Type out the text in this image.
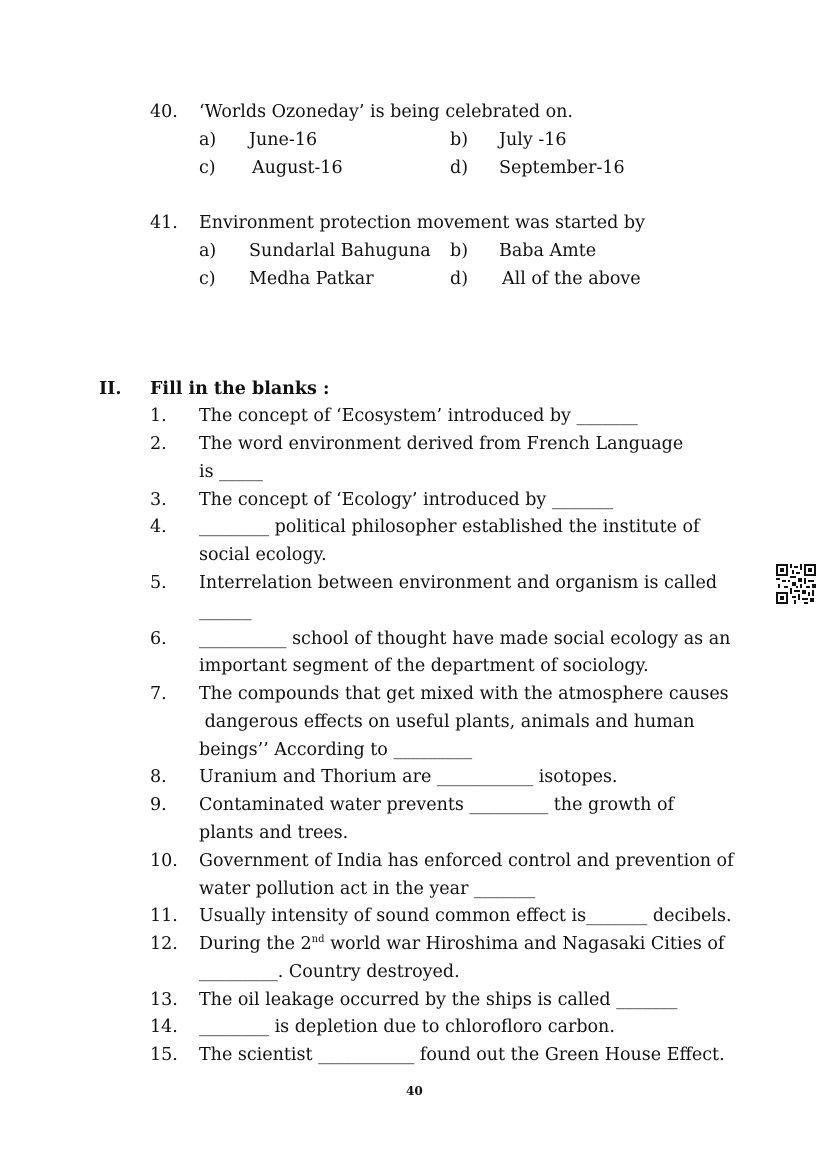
40. ‘Worlds Ozoneday’ is being celebrated on.
a) June-16	b) July -16
c) August-16	d) September-16
41. Environment protection movement was started by
a) Sundarlal Bahuguna b) Baba Amte
c) Medha Patkar	d) All of the above
II. Fill in the blanks :
1. The concept of ‘Ecosystem’ introduced by _______
2. The word environment derived from French Language
is _____
3. The concept of ‘Ecology’ introduced by _______
4. ________ political philosopher established the institute of
social ecology.
5. Interrelation between environment and organism is called
______
6. __________ school of thought have made social ecology as an
important segment of the department of sociology.
7. The compounds that get mixed with the atmosphere causes
dangerous effects on useful plants, animals and human
beings’’ According to _________
8. Uranium and Thorium are ___________ isotopes.
9. Contaminated water prevents _________ the growth of
plants and trees.
10. Government of India has enforced control and prevention of
water pollution act in the year _______
11. Usually intensity of sound common effect is_______ decibels.
12. During the 2nd world war Hiroshima and Nagasaki Cities of
_________. Country destroyed.
13. The oil leakage occurred by the ships is called _______
14. ________ is depletion due to chlorofloro carbon.
15. The scientist ___________ found out the Green House Effect.
40
